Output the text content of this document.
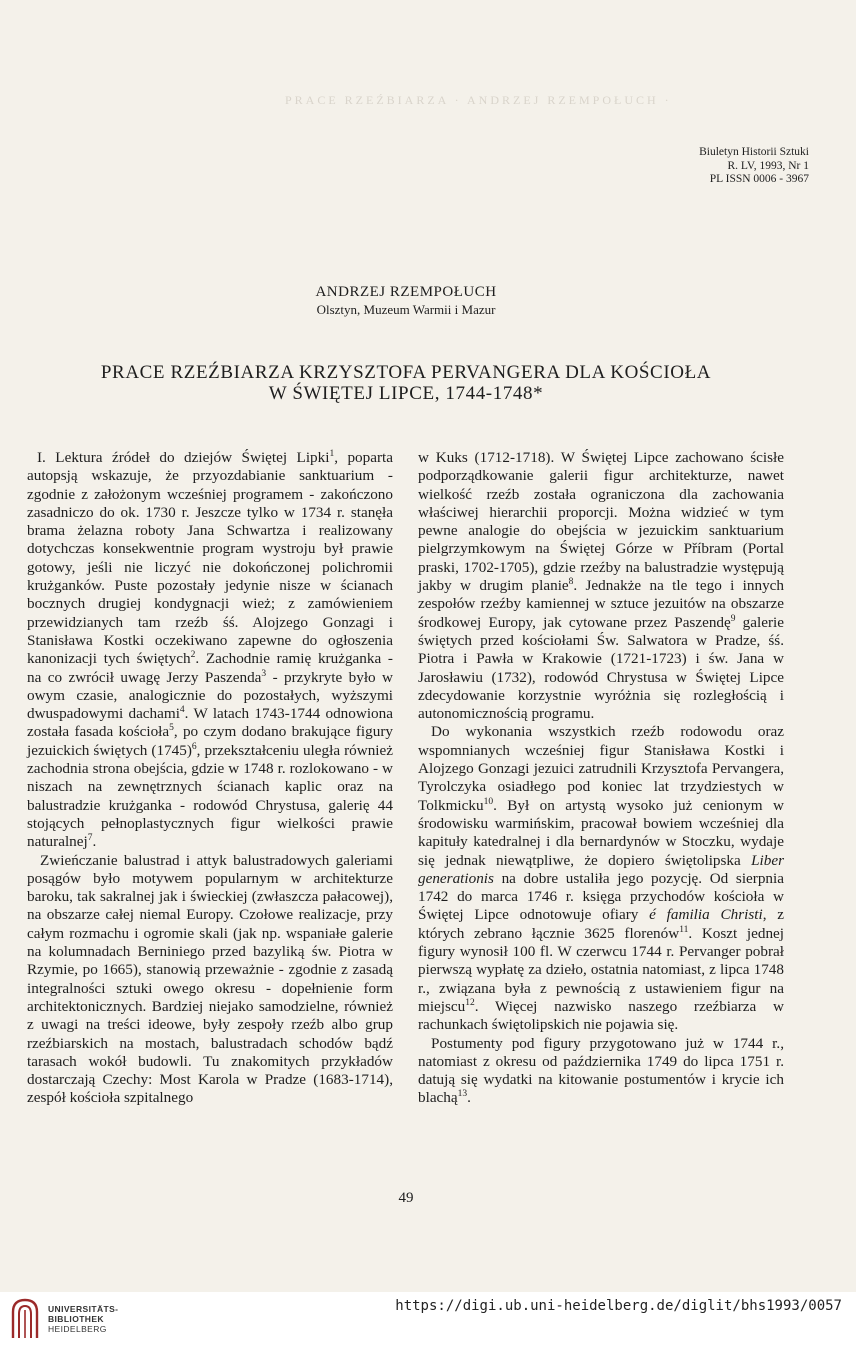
PRACE RZEŹBIARZA · ANDRZEJ RZEMPOŁUCH ·
Biuletyn Historii Sztuki
R. LV, 1993, Nr 1
PL ISSN 0006 - 3967
ANDRZEJ RZEMPOŁUCH
Olsztyn, Muzeum Warmii i Mazur
PRACE RZEŹBIARZA KRZYSZTOFA PERVANGERA DLA KOŚCIOŁA
W ŚWIĘTEJ LIPCE, 1744-1748*

I. Lektura źródeł do dziejów Świętej Lipki$^1$, poparta autopsją wskazuje, że przyozdabianie sanktuarium - zgodnie z założonym wcześniej programem - zakończono zasadniczo do ok. 1730 r. Jeszcze tylko w 1734 r. stanęła brama żelazna roboty Jana Schwartza i realizowany dotychczas konsekwentnie program wystroju był prawie gotowy, jeśli nie liczyć nie dokończonej polichromii krużganków. Puste pozostały jedynie nisze w ścianach bocznych drugiej kondygnacji wież; z zamówieniem przewidzianych tam rzeźb śś. Alojzego Gonzagi i Stanisława Kostki oczekiwano zapewne do ogłoszenia kanonizacji tych świętych$^2$. Zachodnie ramię krużganka - na co zwrócił uwagę Jerzy Paszenda$^3$ - przykryte było w owym czasie, analogicznie do pozostałych, wyższymi dwuspadowymi dachami$^4$. W latach 1743-1744 odnowiona została fasada kościoła$^5$, po czym dodano brakujące figury jezuickich świętych $(1745)^6$, przekształceniu uległa również zachodnia strona obejścia, gdzie w 1748 r. rozlokowano - w niszach na zewnętrznych ścianach kaplic oraz na balustradzie krużganka - rodowód Chrystusa, galerię 44 stojących pełnoplastycznych figur wielkości prawie naturalnej$^7$.

Zwieńczanie balustrad i attyk balustradowych galeriami posągów było motywem popularnym w architekturze baroku, tak sakralnej jak i świeckiej (zwłaszcza pałacowej), na obszarze całej niemal Europy. Czołowe realizacje, przy całym rozmachu i ogromie skali (jak np. wspaniałe galerie na kolumnadach Berniniego przed bazyliką św. Piotra w Rzymie, po 1665), stanowią przeważnie - zgodnie z zasadą integralności sztuki owego okresu - dopełnienie form architektonicznych. Bardziej niejako samodzielne, również z uwagi na treści ideowe, były zespoły rzeźb albo grup rzeźbiarskich na mostach, balustradach schodów bądź tarasach wokół budowli. Tu znakomitych przykładów dostarczają Czechy: Most Karola w Pradze (1683-1714), zespół kościoła szpitalnego

w Kuks (1712-1718). W Świętej Lipce zachowano ścisłe podporządkowanie galerii figur architekturze, nawet wielkość rzeźb została ograniczona dla zachowania właściwej hierarchii proporcji. Można widzieć w tym pewne analogie do obejścia w jezuickim sanktuarium pielgrzymkowym na Świętej Górze w Příbram (Portal praski, 1702-1705), gdzie rzeźby na balustradzie występują jakby w drugim planie$^8$. Jednakże na tle tego i innych zespołów rzeźby kamiennej w sztuce jezuitów na obszarze środkowej Europy, jak cytowane przez Paszendę$^9$ galerie świętych przed kościołami Św. Salwatora w Pradze, śś. Piotra i Pawła w Krakowie (1721-1723) i św. Jana w Jarosławiu (1732), rodowód Chrystusa w Świętej Lipce zdecydowanie korzystnie wyróżnia się rozległością i autonomicznością programu.

Do wykonania wszystkich rzeźb rodowodu oraz wspomnianych wcześniej figur Stanisława Kostki i Alojzego Gonzagi jezuici zatrudnili Krzysztofa Pervangera, Tyrolczyka osiadłego pod koniec lat trzydziestych w Tolkmicku$^{10}$. Był on artystą wysoko już cenionym w środowisku warmińskim, pracował bowiem wcześniej dla kapituły katedralnej i dla bernardynów w Stoczku, wydaje się jednak niewątpliwe, że dopiero świętolipska Liber generationis na dobre ustaliła jego pozycję. Od sierpnia 1742 do marca 1746 r. księga przychodów kościoła w Świętej Lipce odnotowuje ofiary é familia Christi, z których zebrano łącznie 3625 florenów$^{11}$. Koszt jednej figury wynosił 100 fl. W czerwcu 1744 r. Pervanger pobrał pierwszą wypłatę za dzieło, ostatnia natomiast, z lipca 1748 r., związana była z pewnością z ustawieniem figur na miejscu$^{12}$. Więcej nazwisko naszego rzeźbiarza w rachunkach świętolipskich nie pojawia się.

Postumenty pod figury przygotowano już w 1744 r., natomiast z okresu od października 1749 do lipca 1751 r. datują się wydatki na kitowanie postumentów i krycie ich blachą$^{13}$.

49
UNIVERSITÄTS-
BIBLIOTHEK
HEIDELBERG
https://digi.ub.uni-heidelberg.de/diglit/bhs1993/0057
